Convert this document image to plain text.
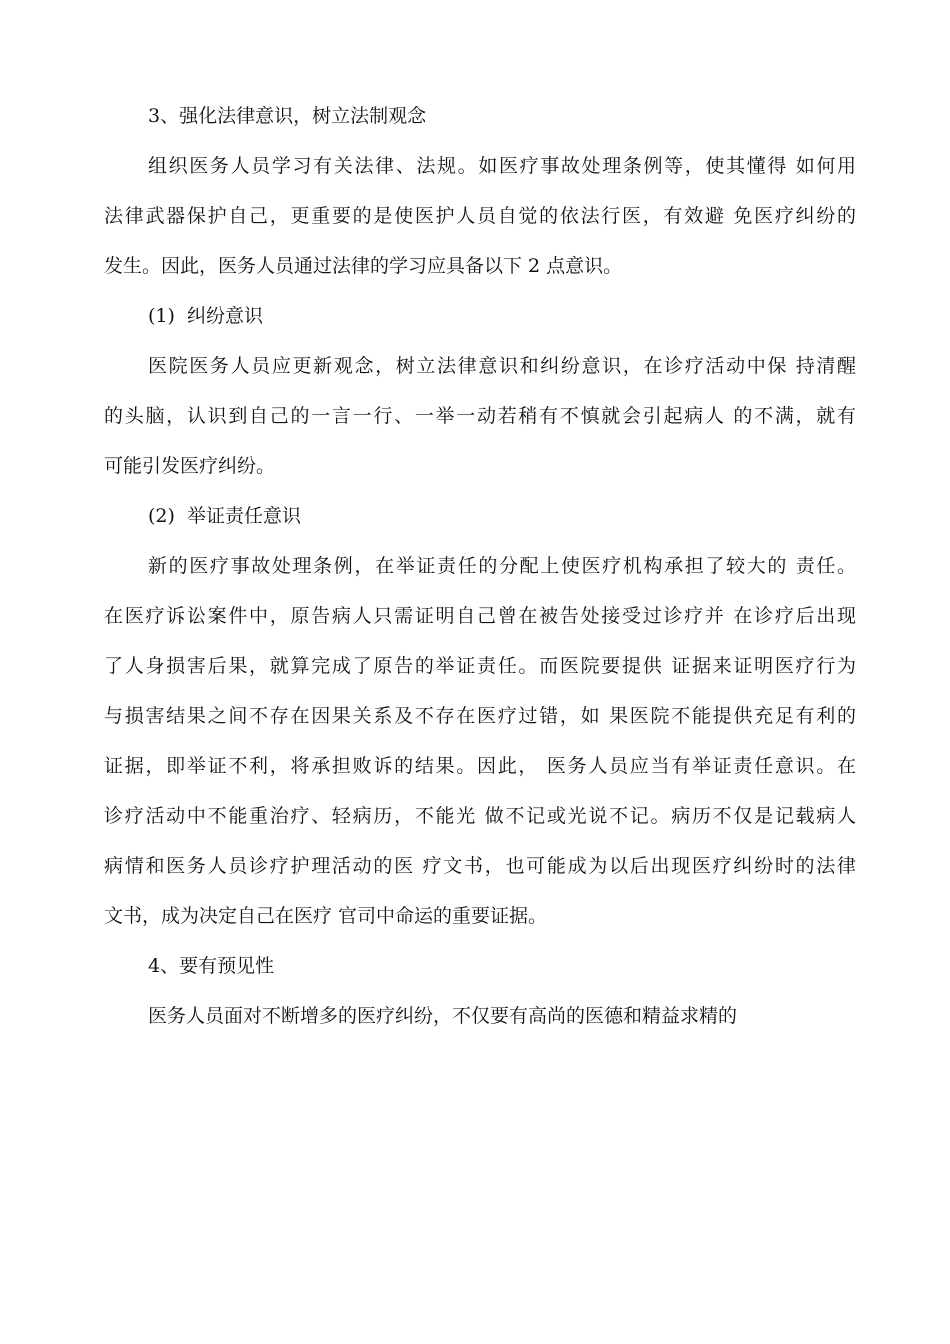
3、强化法律意识，树立法制观念
组织医务人员学习有关法律、法规。如医疗事故处理条例等，使其懂得 如何用
法律武器保护自己，更重要的是使医护人员自觉的依法行医，有效避 免医疗纠纷的
发生。因此，医务人员通过法律的学习应具备以下 2 点意识。
(1)  纠纷意识
医院医务人员应更新观念，树立法律意识和纠纷意识，在诊疗活动中保 持清醒
的头脑，认识到自己的一言一行、一举一动若稍有不慎就会引起病人 的不满，就有
可能引发医疗纠纷。
(2)  举证责任意识
新的医疗事故处理条例，在举证责任的分配上使医疗机构承担了较大的 责任。
在医疗诉讼案件中，原告病人只需证明自己曾在被告处接受过诊疗并 在诊疗后出现
了人身损害后果，就算完成了原告的举证责任。而医院要提供 证据来证明医疗行为
与损害结果之间不存在因果关系及不存在医疗过错，如 果医院不能提供充足有利的
证据，即举证不利，将承担败诉的结果。因此， 医务人员应当有举证责任意识。在
诊疗活动中不能重治疗、轻病历，不能光 做不记或光说不记。病历不仅是记载病人
病情和医务人员诊疗护理活动的医 疗文书，也可能成为以后出现医疗纠纷时的法律
文书，成为决定自己在医疗 官司中命运的重要证据。
4、要有预见性
医务人员面对不断增多的医疗纠纷，不仅要有高尚的医德和精益求精的
